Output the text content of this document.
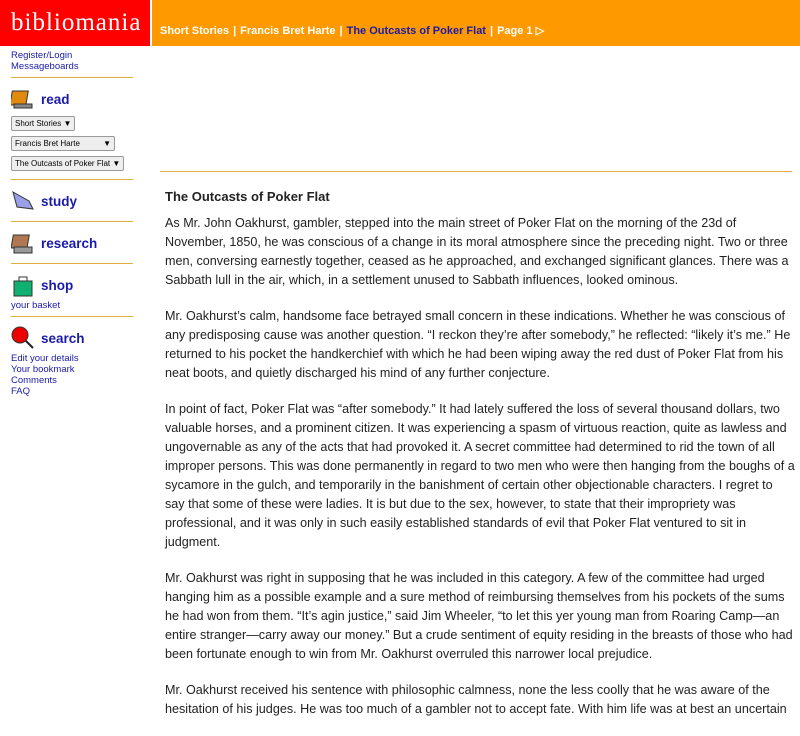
bibliomania	Short Stories | Francis Bret Harte | The Outcasts of Poker Flat | Page 1 ▷
Register/Login
Messageboards
read
Short Stories ▼
Francis Bret Harte	▼
The Outcasts of Poker Flat ▼
study
research
shop
your basket
search
Edit your details
Your bookmark
Comments
FAQ
The Outcasts of Poker Flat

As Mr. John Oakhurst, gambler, stepped into the main street of Poker Flat on the morning of the 23d of November, 1850, he was conscious of a change in its moral atmosphere since the preceding night. Two or three men, conversing earnestly together, ceased as he approached, and exchanged significant glances. There was a Sabbath lull in the air, which, in a settlement unused to Sabbath influences, looked ominous.

Mr. Oakhurst’s calm, handsome face betrayed small concern in these indications. Whether he was conscious of any predisposing cause was another question. “I reckon they’re after somebody,” he reflected: “likely it’s me.” He returned to his pocket the handkerchief with which he had been wiping away the red dust of Poker Flat from his neat boots, and quietly discharged his mind of any further conjecture.

In point of fact, Poker Flat was “after somebody.” It had lately suffered the loss of several thousand dollars, two valuable horses, and a prominent citizen. It was experiencing a spasm of virtuous reaction, quite as lawless and ungovernable as any of the acts that had provoked it. A secret committee had determined to rid the town of all improper persons. This was done permanently in regard to two men who were then hanging from the boughs of a sycamore in the gulch, and temporarily in the banishment of certain other objectionable characters. I regret to say that some of these were ladies. It is but due to the sex, however, to state that their impropriety was professional, and it was only in such easily established standards of evil that Poker Flat ventured to sit in judgment.

Mr. Oakhurst was right in supposing that he was included in this category. A few of the committee had urged hanging him as a possible example and a sure method of reimbursing themselves from his pockets of the sums he had won from them. “It’s agin justice,” said Jim Wheeler, “to let this yer young man from Roaring Camp—an entire stranger—carry away our money.” But a crude sentiment of equity residing in the breasts of those who had been fortunate enough to win from Mr. Oakhurst overruled this narrower local prejudice.

Mr. Oakhurst received his sentence with philosophic calmness, none the less coolly that he was aware of the hesitation of his judges. He was too much of a gambler not to accept fate. With him life was at best an uncertain
